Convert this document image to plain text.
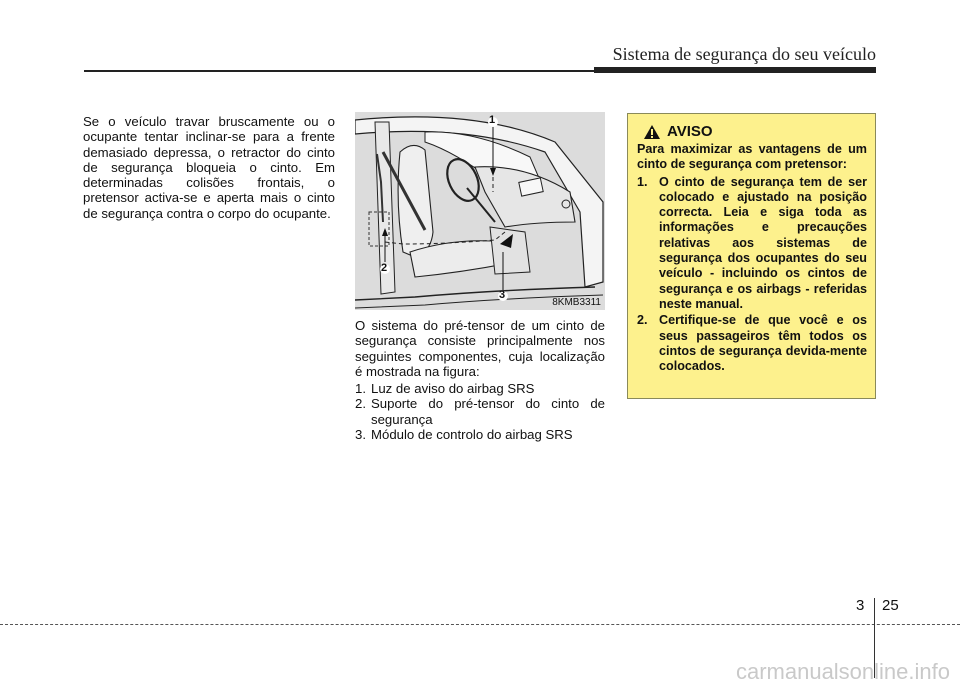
Sistema de segurança do seu veículo
Se o veículo travar bruscamente ou o ocupante tentar inclinar-se para a frente demasiado depressa, o retractor do cinto de segurança bloqueia o cinto. Em determinadas colisões frontais, o pretensor activa-se e aperta mais o cinto de segurança contra o corpo do ocupante.
1
2
3
8KMB3311

O sistema do pré-tensor de um cinto de segurança consiste principalmente nos seguintes componentes, cuja localização é mostrada na figura:

1. Luz de aviso do airbag SRS
2. Suporte do pré-tensor do cinto de segurança
3. Módulo de controlo do airbag SRS
AVISO

Para maximizar as vantagens de um cinto de segurança com pretensor:

1. O cinto de segurança tem de ser colocado e ajustado na posição correcta. Leia e siga toda as informações e precauções relativas aos sistemas de segurança dos ocupantes do seu veículo - incluindo os cintos de segurança e os airbags - referidas neste manual.
2. Certifique-se de que você e os seus passageiros têm todos os cintos de segurança devida-mente colocados.
3 25
carmanualsonline.info
